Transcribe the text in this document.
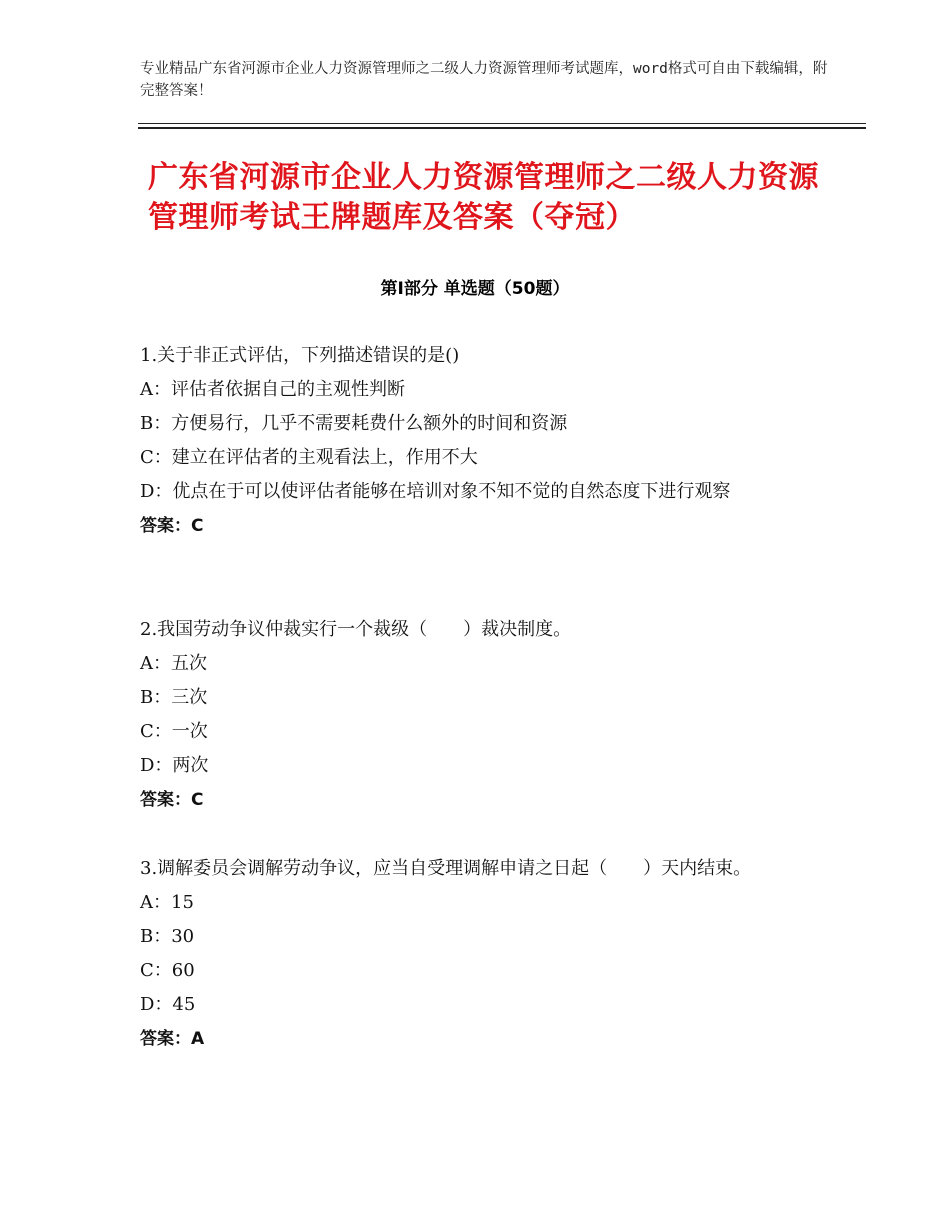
专业精品广东省河源市企业人力资源管理师之二级人力资源管理师考试题库，word格式可自由下载编辑，附完整答案！
广东省河源市企业人力资源管理师之二级人力资源管理师考试王牌题库及答案（夺冠）
第Ⅰ部分 单选题（50题）
1.关于非正式评估，下列描述错误的是()
A：评估者依据自己的主观性判断
B：方便易行，几乎不需要耗费什么额外的时间和资源
C：建立在评估者的主观看法上，作用不大
D：优点在于可以使评估者能够在培训对象不知不觉的自然态度下进行观察
答案：C
2.我国劳动争议仲裁实行一个裁级（　　）裁决制度。
A：五次
B：三次
C：一次
D：两次
答案：C
3.调解委员会调解劳动争议，应当自受理调解申请之日起（　　）天内结束。
A：15
B：30
C：60
D：45
答案：A
